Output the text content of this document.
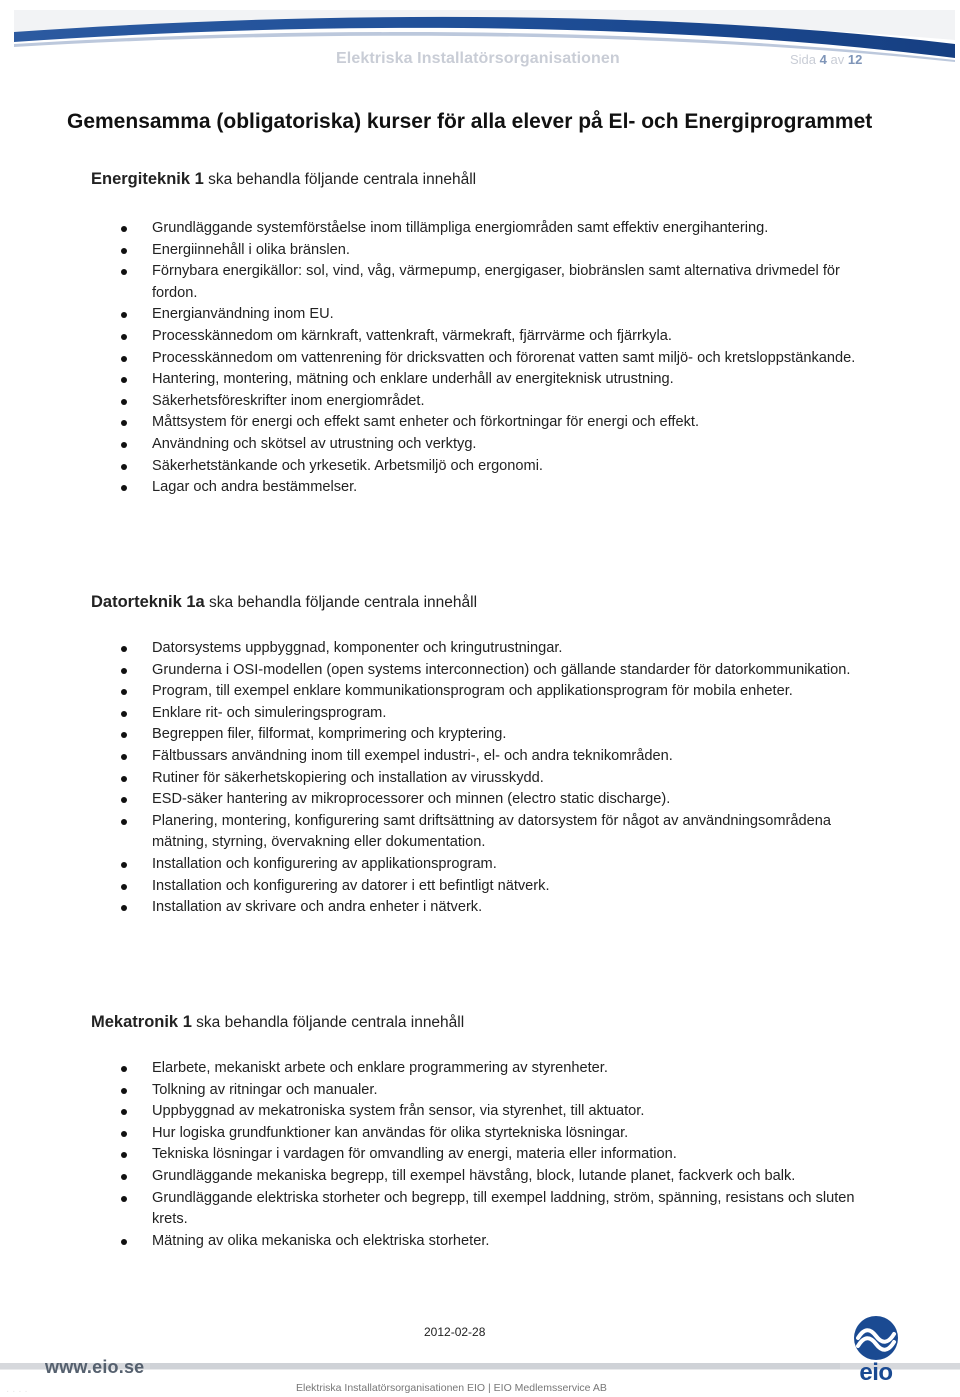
Elektriska Installatörsorganisationen	Sida 4 av 12
Gemensamma (obligatoriska) kurser för alla elever på El- och Energiprogrammet

Energiteknik 1 ska behandla följande centrala innehåll

Grundläggande systemförståelse inom tillämpliga energiområden samt effektiv energihantering.
Energiinnehåll i olika bränslen.
Förnybara energikällor: sol, vind, våg, värmepump, energigaser, biobränslen samt alternativa drivmedel för fordon.
Energianvändning inom EU.
Processkännedom om kärnkraft, vattenkraft, värmekraft, fjärrvärme och fjärrkyla.
Processkännedom om vattenrening för dricksvatten och förorenat vatten samt miljö- och kretsloppstänkande.
Hantering, montering, mätning och enklare underhåll av energiteknisk utrustning.
Säkerhetsföreskrifter inom energiområdet.
Måttsystem för energi och effekt samt enheter och förkortningar för energi och effekt.
Användning och skötsel av utrustning och verktyg.
Säkerhetstänkande och yrkesetik. Arbetsmiljö och ergonomi.
Lagar och andra bestämmelser.

Datorteknik 1a ska behandla följande centrala innehåll

Datorsystems uppbyggnad, komponenter och kringutrustningar.
Grunderna i OSI-modellen (open systems interconnection) och gällande standarder för datorkommunikation.
Program, till exempel enklare kommunikationsprogram och applikationsprogram för mobila enheter.
Enklare rit- och simuleringsprogram.
Begreppen filer, filformat, komprimering och kryptering.
Fältbussars användning inom till exempel industri-, el- och andra teknikområden.
Rutiner för säkerhetskopiering och installation av virusskydd.
ESD-säker hantering av mikroprocessorer och minnen (electro static discharge).
Planering, montering, konfigurering samt driftsättning av datorsystem för något av användningsområdena mätning, styrning, övervakning eller dokumentation.
Installation och konfigurering av applikationsprogram.
Installation och konfigurering av datorer i ett befintligt nätverk.
Installation av skrivare och andra enheter i nätverk.

Mekatronik 1 ska behandla följande centrala innehåll

Elarbete, mekaniskt arbete och enklare programmering av styrenheter.
Tolkning av ritningar och manualer.
Uppbyggnad av mekatroniska system från sensor, via styrenhet, till aktuator.
Hur logiska grundfunktioner kan användas för olika styrtekniska lösningar.
Tekniska lösningar i vardagen för omvandling av energi, materia eller information.
Grundläggande mekaniska begrepp, till exempel hävstång, block, lutande planet, fackverk och balk.
Grundläggande elektriska storheter och begrepp, till exempel laddning, ström, spänning, resistans och sluten krets.
Mätning av olika mekaniska och elektriska storheter.
2012-02-28
www.eio.se
Elektriska Installatörsorganisationen EIO | EIO Medlemsservice AB
· · · ·
eio
